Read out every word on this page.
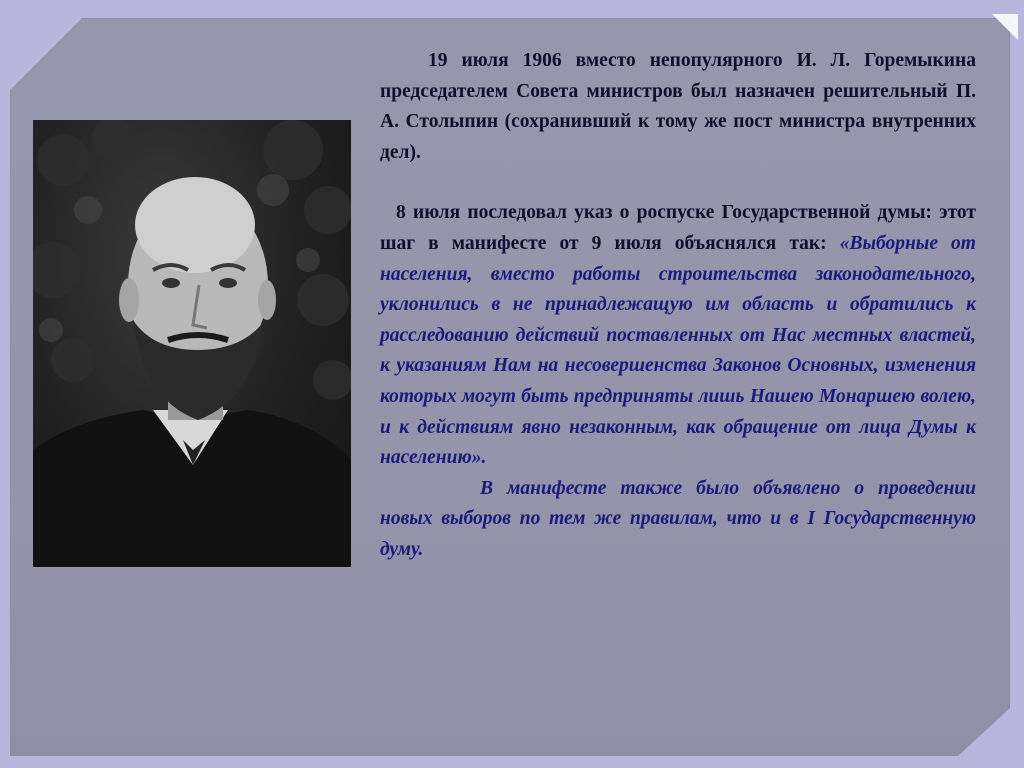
19 июля 1906 вместо непопулярного И. Л. Горемыкина председателем Совета министров был назначен решительный П. А. Столыпин (сохранивший к тому же пост министра внутренних дел).

8 июля последовал указ о роспуске Государственной думы: этот шаг в манифесте от 9 июля объяснялся так: «Выборные от населения, вместо работы строительства законодательного, уклонились в не принадлежащую им область и обратились к расследованию действий поставленных от Нас местных властей, к указаниям Нам на несовершенства Законов Основных, изменения которых могут быть предприняты лишь Нашею Монаршею волею, и к действиям явно незаконным, как обращение от лица Думы к населению».

В манифесте также было объявлено о проведении новых выборов по тем же правилам, что и в I Государственную думу.
